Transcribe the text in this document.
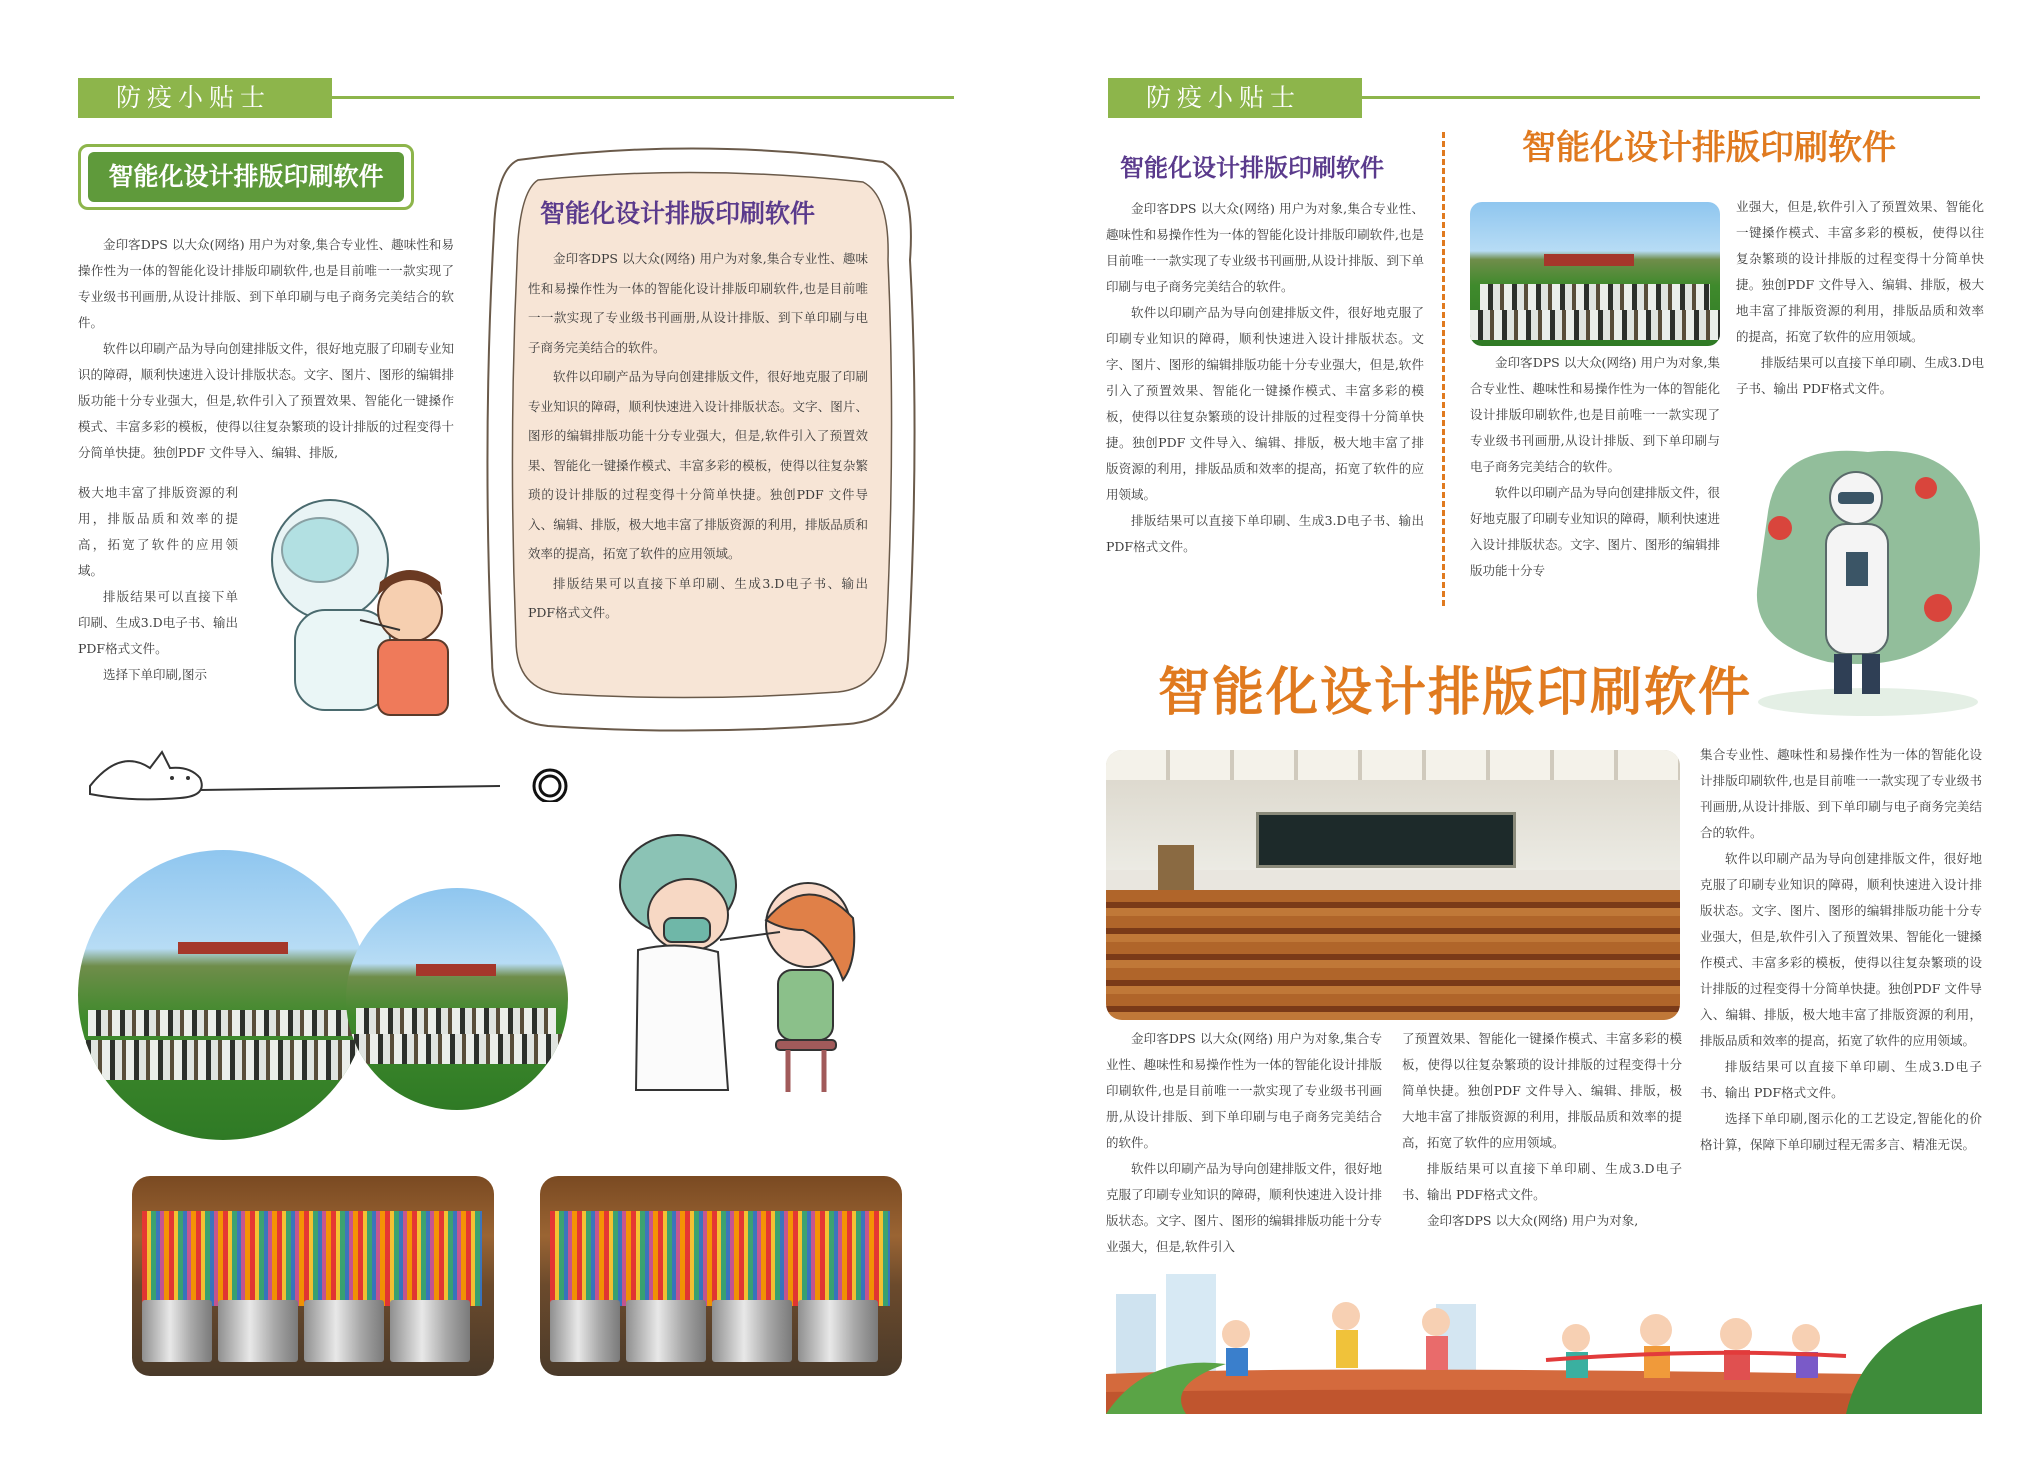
防疫小贴士
智能化设计排版印刷软件

金印客DPS 以大众(网络) 用户为对象,集合专业性、趣味性和易操作性为一体的智能化设计排版印刷软件,也是目前唯一一款实现了专业级书刊画册,从设计排版、到下单印刷与电子商务完美结合的软件。

软件以印刷产品为导向创建排版文件，很好地克服了印刷专业知识的障碍，顺利快速进入设计排版状态。文字、图片、图形的编辑排版功能十分专业强大，但是,软件引入了预置效果、智能化一键搡作模式、丰富多彩的模板，使得以往复杂繁琐的设计排版的过程变得十分简单快捷。独创PDF 文件导入、编辑、排版,

极大地丰富了排版资源的利用，排版品质和效率的提高，拓宽了软件的应用领域。

排版结果可以直接下单印刷、生成3.D电子书、输出 PDF格式文件。

选择下单印刷,图示

智能化设计排版印刷软件

金印客DPS 以大众(网络) 用户为对象,集合专业性、趣味性和易操作性为一体的智能化设计排版印刷软件,也是目前唯一一款实现了专业级书刊画册,从设计排版、到下单印刷与电子商务完美结合的软件。

软件以印刷产品为导向创建排版文件，很好地克服了印刷专业知识的障碍，顺利快速进入设计排版状态。文字、图片、图形的编辑排版功能十分专业强大，但是,软件引入了预置效果、智能化一键搡作模式、丰富多彩的模板，使得以往复杂繁琐的设计排版的过程变得十分简单快捷。独创PDF 文件导入、编辑、排版，极大地丰富了排版资源的利用，排版品质和效率的提高，拓宽了软件的应用领域。

排版结果可以直接下单印刷、生成3.D电子书、输出 PDF格式文件。

防疫小贴士
智能化设计排版印刷软件	智能化设计排版印刷软件

金印客DPS 以大众(网络) 用户为对象,集合专业性、趣味性和易操作性为一体的智能化设计排版印刷软件,也是目前唯一一款实现了专业级书刊画册,从设计排版、到下单印刷与电子商务完美结合的软件。

软件以印刷产品为导向创建排版文件，很好地克服了印刷专业知识的障碍，顺利快速进入设计排版状态。文字、图片、图形的编辑排版功能十分专业强大，但是,软件引入了预置效果、智能化一键搡作模式、丰富多彩的模板，使得以往复杂繁琐的设计排版的过程变得十分简单快捷。独创PDF 文件导入、编辑、排版，极大地丰富了排版资源的利用，排版品质和效率的提高，拓宽了软件的应用领域。

排版结果可以直接下单印刷、生成3.D电子书、输出 PDF格式文件。

金印客DPS 以大众(网络) 用户为对象,集合专业性、趣味性和易操作性为一体的智能化设计排版印刷软件,也是目前唯一一款实现了专业级书刊画册,从设计排版、到下单印刷与电子商务完美结合的软件。

软件以印刷产品为导向创建排版文件，很好地克服了印刷专业知识的障碍，顺利快速进入设计排版状态。文字、图片、图形的编辑排版功能十分专

业强大，但是,软件引入了预置效果、智能化一键搡作模式、丰富多彩的模板，使得以往复杂繁琐的设计排版的过程变得十分简单快捷。独创PDF 文件导入、编辑、排版，极大地丰富了排版资源的利用，排版品质和效率的提高，拓宽了软件的应用领域。

排版结果可以直接下单印刷、生成3.D电子书、输出 PDF格式文件。

智能化设计排版印刷软件

金印客DPS 以大众(网络) 用户为对象,集合专业性、趣味性和易操作性为一体的智能化设计排版印刷软件,也是目前唯一一款实现了专业级书刊画册,从设计排版、到下单印刷与电子商务完美结合的软件。

软件以印刷产品为导向创建排版文件，很好地克服了印刷专业知识的障碍，顺利快速进入设计排版状态。文字、图片、图形的编辑排版功能十分专业强大，但是,软件引入

了预置效果、智能化一键搡作模式、丰富多彩的模板，使得以往复杂繁琐的设计排版的过程变得十分简单快捷。独创PDF 文件导入、编辑、排版，极大地丰富了排版资源的利用，排版品质和效率的提高，拓宽了软件的应用领域。

排版结果可以直接下单印刷、生成3.D电子书、输出 PDF格式文件。

金印客DPS 以大众(网络) 用户为对象,

集合专业性、趣味性和易操作性为一体的智能化设计排版印刷软件,也是目前唯一一款实现了专业级书刊画册,从设计排版、到下单印刷与电子商务完美结合的软件。

软件以印刷产品为导向创建排版文件，很好地克服了印刷专业知识的障碍，顺利快速进入设计排版状态。文字、图片、图形的编辑排版功能十分专业强大，但是,软件引入了预置效果、智能化一键搡作模式、丰富多彩的模板，使得以往复杂繁琐的设计排版的过程变得十分简单快捷。独创PDF 文件导入、编辑、排版，极大地丰富了排版资源的利用，排版品质和效率的提高，拓宽了软件的应用领域。

排版结果可以直接下单印刷、生成3.D电子书、输出 PDF格式文件。

选择下单印刷,图示化的工艺设定,智能化的价格计算，保障下单印刷过程无需多言、精准无误。
